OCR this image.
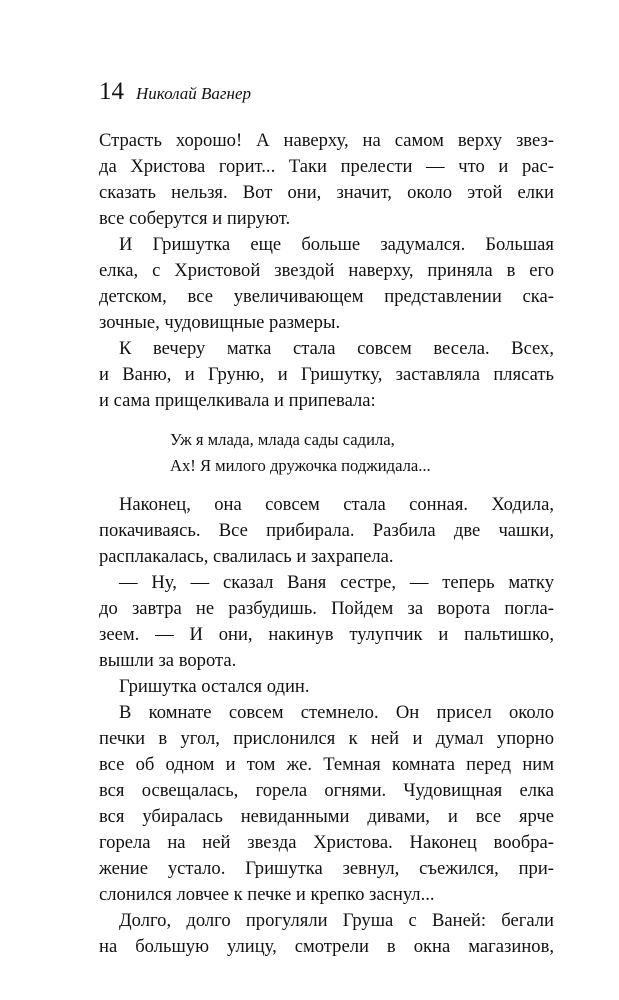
14 Николай Вагнер
Страсть хорошо! А наверху, на самом верху звез-
да Христова горит... Таки прелести — что и рас-
сказать нельзя. Вот они, значит, около этой елки
все соберутся и пируют.
И Гришутка еще больше задумался. Большая
елка, с Христовой звездой наверху, приняла в его
детском, все увеличивающем представлении ска-
зочные, чудовищные размеры.
К вечеру матка стала совсем весела. Всех,
и Ваню, и Груню, и Гришутку, заставляла плясать
и сама прищелкивала и припевала:
Уж я млада, млада сады садила,
Ах! Я милого дружочка поджидала...
Наконец, она совсем стала сонная. Ходила,
покачиваясь. Все прибирала. Разбила две чашки,
расплакалась, свалилась и захрапела.
— Ну, — сказал Ваня сестре, — теперь матку
до завтра не разбудишь. Пойдем за ворота погла-
зеем. — И они, накинув тулупчик и пальтишко,
вышли за ворота.
Гришутка остался один.
В комнате совсем стемнело. Он присел около
печки в угол, прислонился к ней и думал упорно
все об одном и том же. Темная комната перед ним
вся освещалась, горела огнями. Чудовищная елка
вся убиралась невиданными дивами, и все ярче
горела на ней звезда Христова. Наконец вообра-
жение устало. Гришутка зевнул, съежился, при-
слонился ловчее к печке и крепко заснул...
Долго, долго прогуляли Груша с Ваней: бегали
на большую улицу, смотрели в окна магазинов,
